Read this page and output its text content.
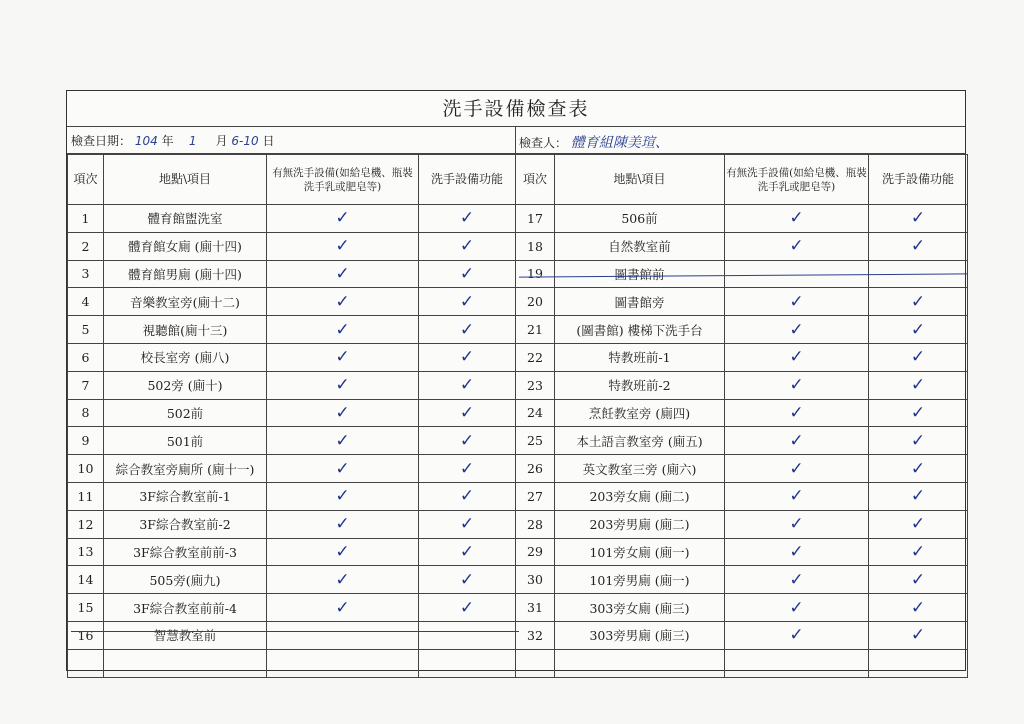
洗手設備檢查表
檢查日期： 104 年 1 月 6-10 日	檢查人： 體育組陳美瑄、
項次	地點\項目	有無洗手設備(如給皂機、瓶裝洗手乳或肥皂等)	洗手設備功能	項次	地點\項目	有無洗手設備(如給皂機、瓶裝洗手乳或肥皂等)	洗手設備功能
1	體育館盥洗室	✓	✓	17	506前	✓	✓
2	體育館女廁 (廁十四)	✓	✓	18	自然教室前	✓	✓
3	體育館男廁 (廁十四)	✓	✓	19	圖書館前		
4	音樂教室旁(廁十二)	✓	✓	20	圖書館旁	✓	✓
5	視聽館(廁十三)	✓	✓	21	(圖書館) 樓梯下洗手台	✓	✓
6	校長室旁 (廁八)	✓	✓	22	特教班前-1	✓	✓
7	502旁 (廁十)	✓	✓	23	特教班前-2	✓	✓
8	502前	✓	✓	24	烹飪教室旁 (廁四)	✓	✓
9	501前	✓	✓	25	本土語言教室旁 (廁五)	✓	✓
10	綜合教室旁廁所 (廁十一)	✓	✓	26	英文教室三旁 (廁六)	✓	✓
11	3F綜合教室前-1	✓	✓	27	203旁女廁 (廁二)	✓	✓
12	3F綜合教室前-2	✓	✓	28	203旁男廁 (廁二)	✓	✓
13	3F綜合教室前前-3	✓	✓	29	101旁女廁 (廁一)	✓	✓
14	505旁(廁九)	✓	✓	30	101旁男廁 (廁一)	✓	✓
15	3F綜合教室前前-4	✓	✓	31	303旁女廁 (廁三)	✓	✓
16	智慧教室前			32	303旁男廁 (廁三)	✓	✓
